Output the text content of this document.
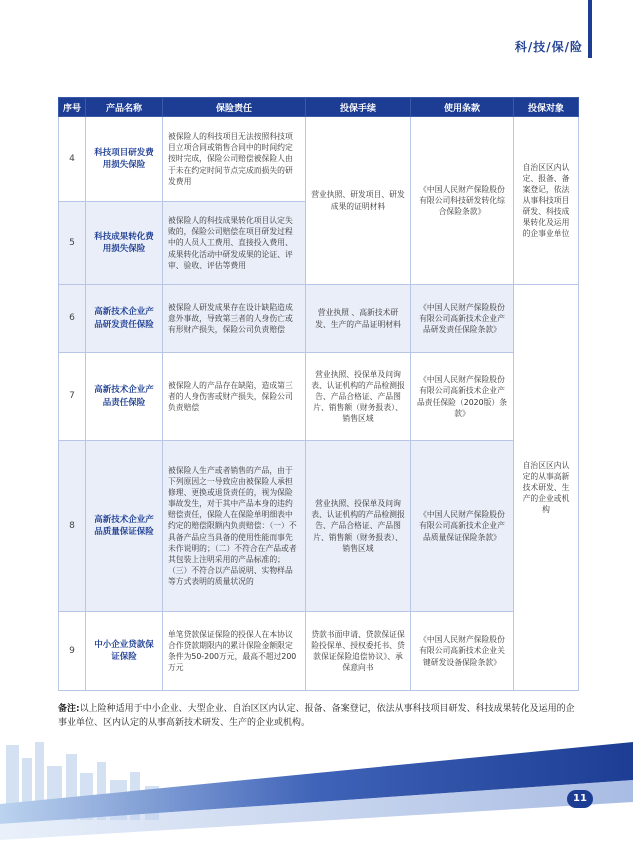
科/技/保/险
序号	产品名称	保险责任	投保手续	使用条款	投保对象
4	科技项目研发费用损失保险	被保险人的科技项目无法按照科技项目立项合同或销售合同中的时间约定按时完成，保险公司赔偿被保险人由于未在约定时间节点完成而损失的研发费用	营业执照、研发项目、研发成果的证明材料	《中国人民财产保险股份有限公司科技研发转化综合保险条款》	自治区区内认定、报备、备案登记，依法从事科技项目研发、科技成果转化及运用的企事业单位
5	科技成果转化费用损失保险	被保险人的科技成果转化项目认定失败的，保险公司赔偿在项目研发过程中的人员人工费用、直接投入费用、成果转化活动中研发成果的论证、评审、验收、评估等费用			
6	高新技术企业产品研发责任保险	被保险人研发成果存在设计缺陷造成意外事故，导致第三者的人身伤亡或有形财产损失，保险公司负责赔偿	营业执照 、高新技术研发、生产的产品证明材料	《中国人民财产保险股份有限公司高新技术企业产品研发责任保险条款》	自治区区内认定的从事高新技术研发、生产的企业或机构
7	高新技术企业产品责任保险	被保险人的产品存在缺陷，造成第三者的人身伤害或财产损失，保险公司负责赔偿	营业执照、投保单及问询表、认证机构的产品检测报告、产品合格证、产品图片、销售额（财务报表）、销售区域	《中国人民财产保险股份有限公司高新技术企业产品责任保险（2020版）条款》	
8	高新技术企业产品质量保证保险	被保险人生产或者销售的产品，由于下列原因之一导致应由被保险人承担修理、更换或退货责任的，视为保险事故发生，对于其中产品本身的违约赔偿责任，保险人在保险单明细表中约定的赔偿限额内负责赔偿：（一）不具备产品应当具备的使用性能而事先未作说明的；（二）不符合在产品或者其包装上注明采用的产品标准的；（三）不符合以产品说明、实物样品等方式表明的质量状况的	营业执照、投保单及问询表、认证机构的产品检测报告、产品合格证、产品图片、销售额（财务报表）、销售区域	《中国人民财产保险股份有限公司高新技术企业产品质量保证保险条款》	
9	中小企业贷款保证保险	单笔贷款保证保险的投保人在本协议合作贷款期限内的累计保险金额限定条件为50-200万元，最高不超过200万元	贷款书面申请、贷款保证保险投保单、授权委托书、贷款保证保险追偿协议》、承保意向书	《中国人民财产保险股份有限公司高新技术企业关键研发设备保险条款》	
备注:以上险种适用于中小企业、大型企业、自治区区内认定、报备、备案登记，依法从事科技项目研发、科技成果转化及运用的企事业单位、区内认定的从事高新技术研发、生产的企业或机构。
11
